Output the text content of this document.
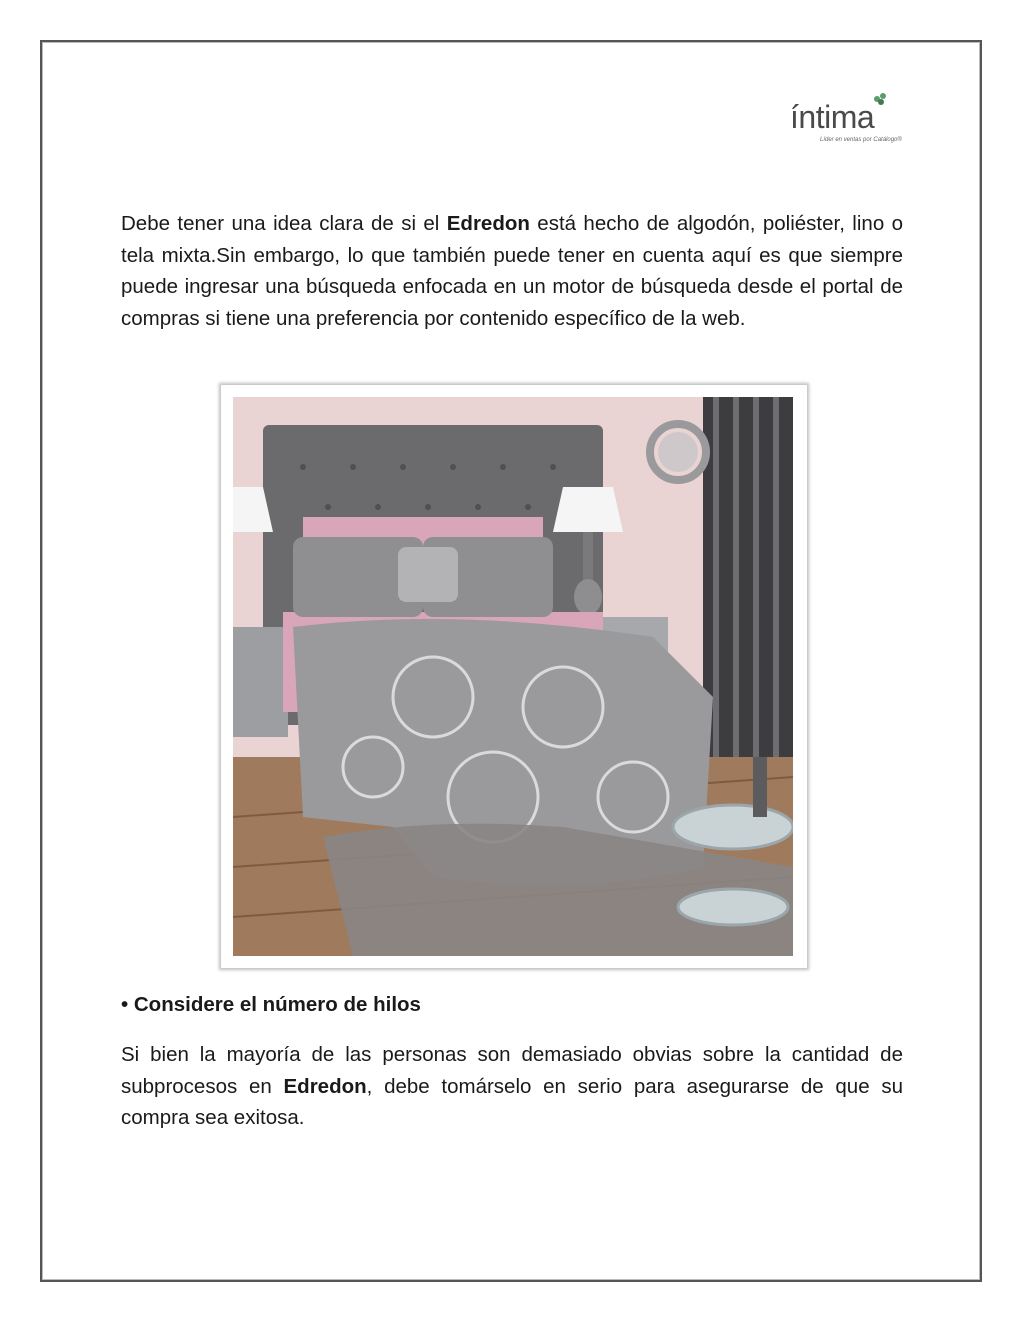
íntima
Líder en ventas por Catálogo®

Debe tener una idea clara de si el Edredon está hecho de algodón, poliéster, lino o tela mixta.Sin embargo, lo que también puede tener en cuenta aquí es que siempre puede ingresar una búsqueda enfocada en un motor de búsqueda desde el portal de compras si tiene una preferencia por contenido específico de la web.

• Considere el número de hilos

Si bien la mayoría de las personas son demasiado obvias sobre la cantidad de subprocesos en Edredon, debe tomárselo en serio para asegurarse de que su compra sea exitosa.
